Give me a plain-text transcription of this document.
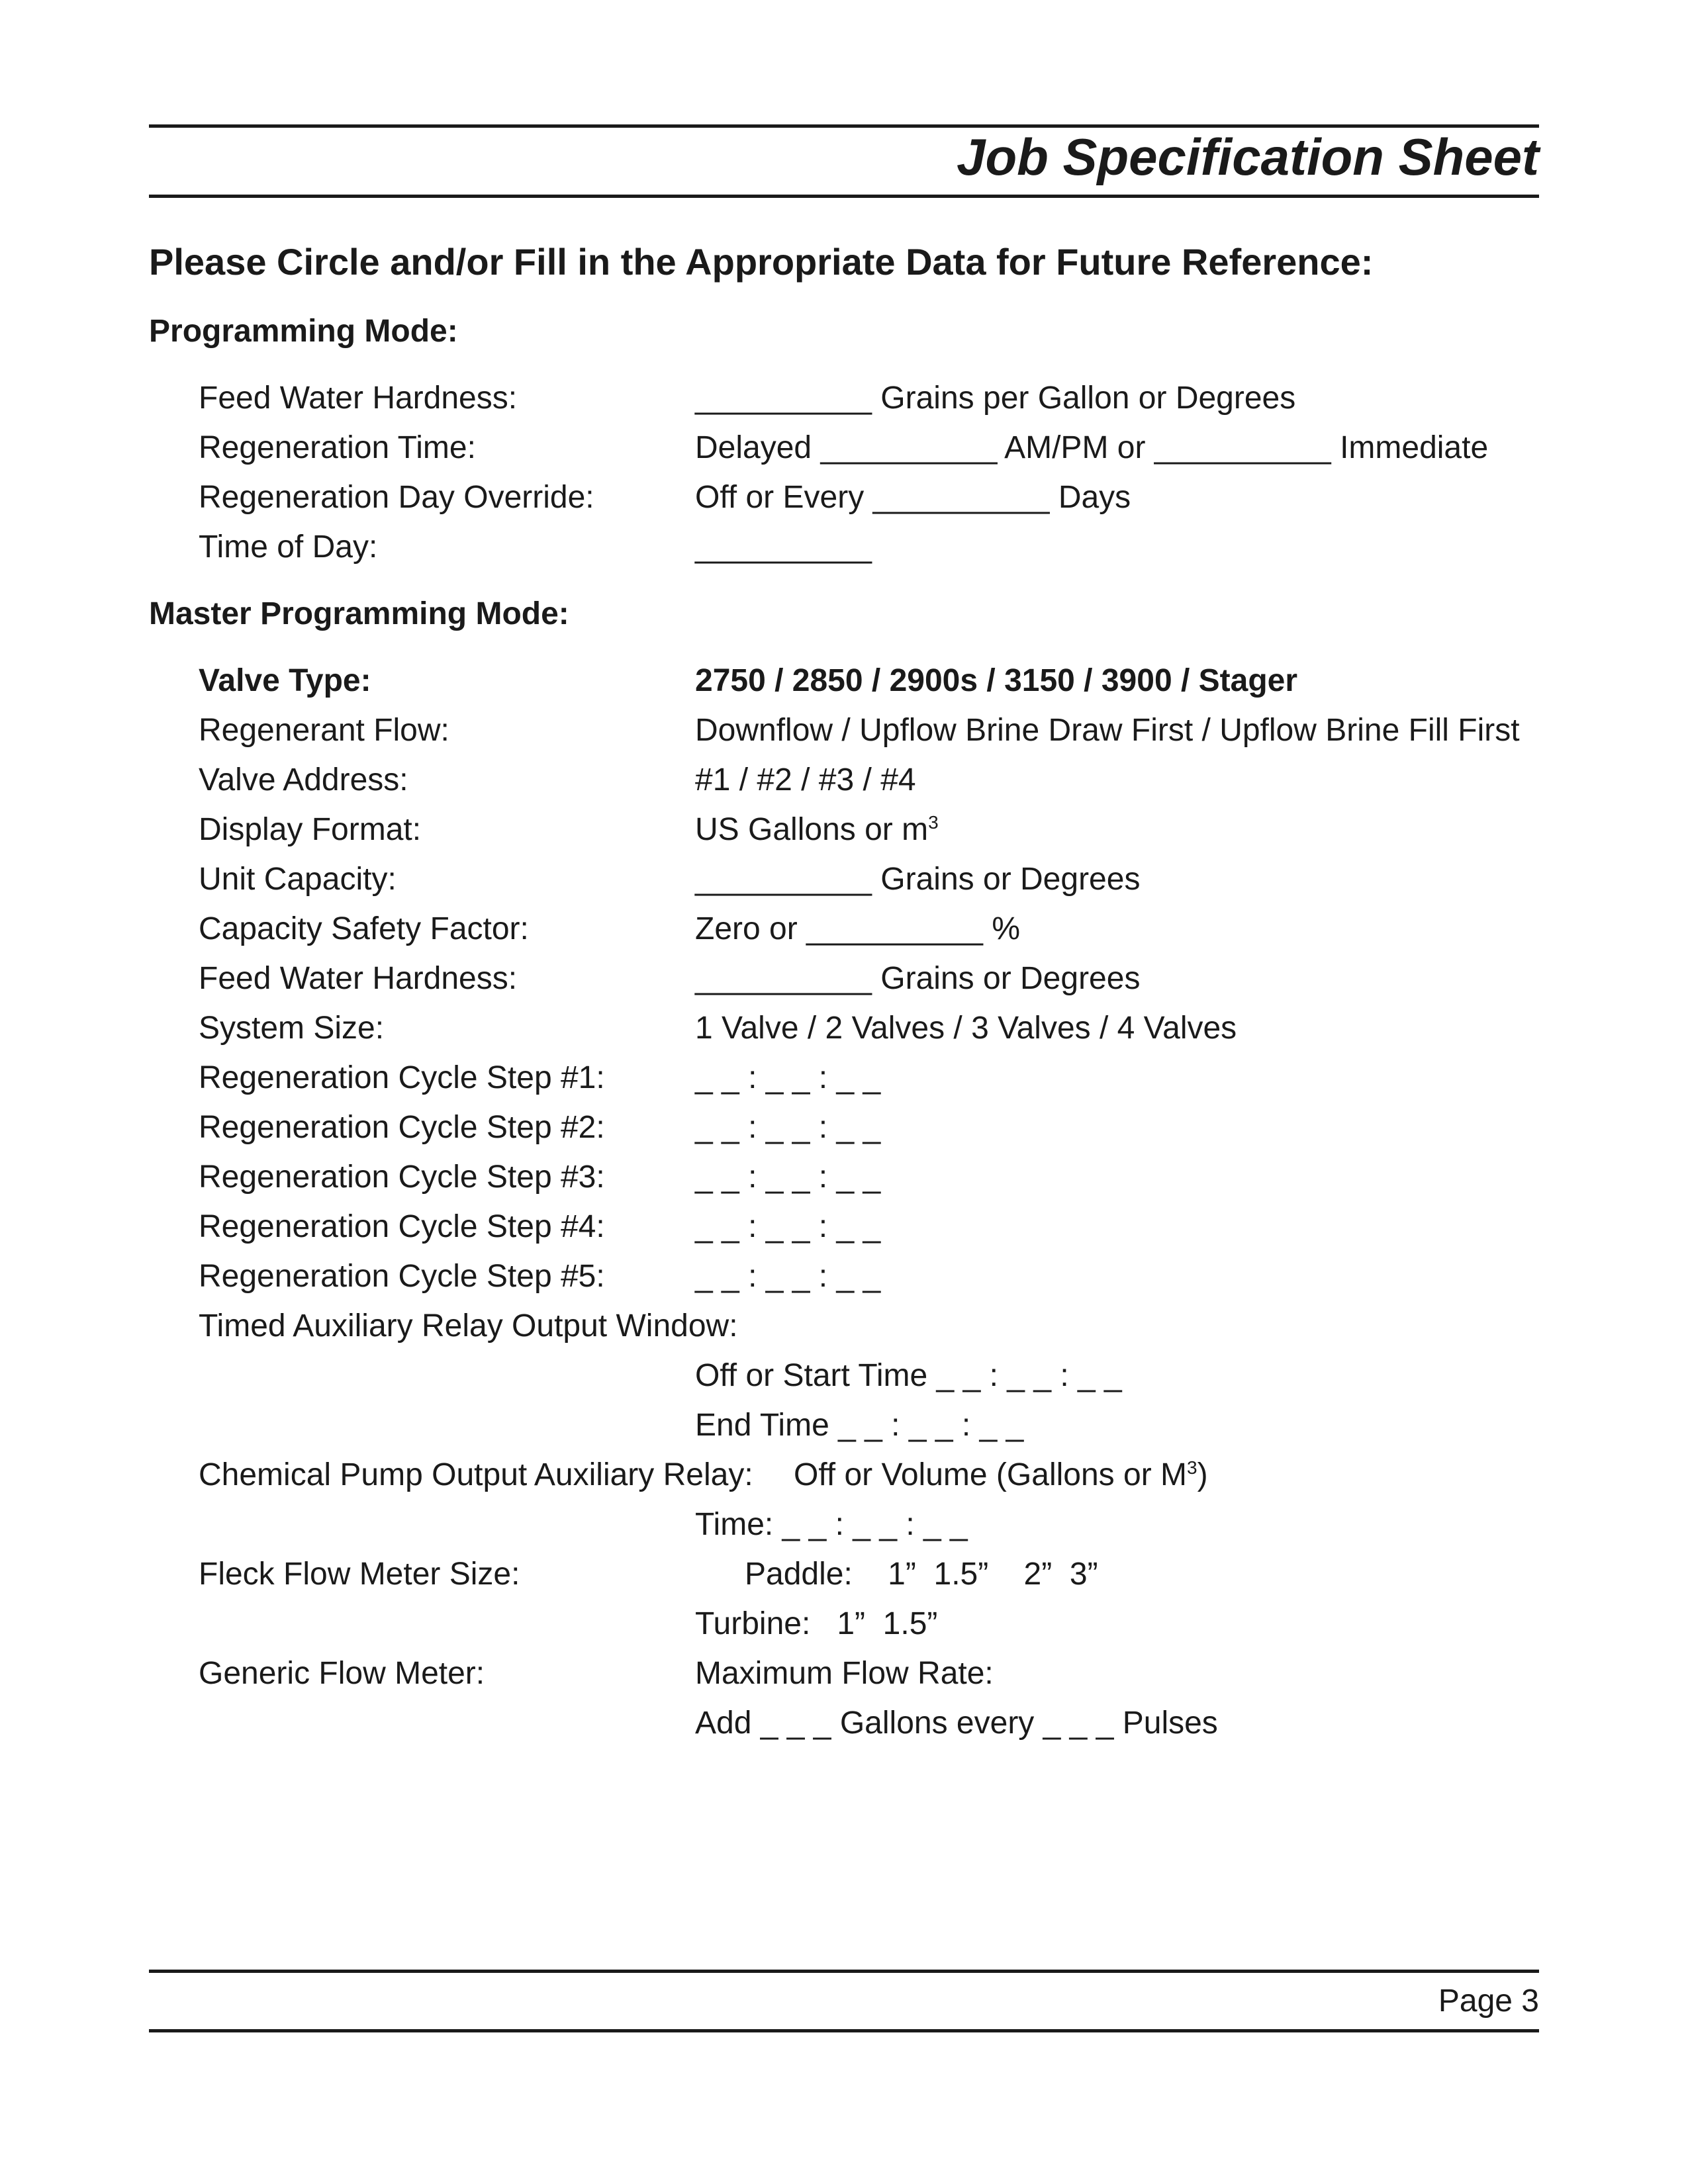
Job Specification Sheet
Please Circle and/or Fill in the Appropriate Data for Future Reference:
Programming Mode:
Feed Water Hardness:	__________ Grains per Gallon or Degrees
Regeneration Time:	Delayed __________ AM/PM or __________ Immediate
Regeneration Day Override:	Off or Every __________ Days
Time of Day:	__________
Master Programming Mode:
Valve Type:	2750 / 2850 / 2900s / 3150 / 3900 / Stager
Regenerant Flow:	Downflow / Upflow Brine Draw First / Upflow Brine Fill First
Valve Address:	#1 / #2 / #3 / #4
Display Format:	US Gallons or $m^3$
Unit Capacity:	__________ Grains or Degrees
Capacity Safety Factor:	Zero or __________ %
Feed Water Hardness:	__________ Grains or Degrees
System Size:	1 Valve / 2 Valves / 3 Valves / 4 Valves
Regeneration Cycle Step #1:	_ _ : _ _ : _ _
Regeneration Cycle Step #2:	_ _ : _ _ : _ _
Regeneration Cycle Step #3:	_ _ : _ _ : _ _
Regeneration Cycle Step #4:	_ _ : _ _ : _ _
Regeneration Cycle Step #5:	_ _ : _ _ : _ _
Timed Auxiliary Relay Output Window:
Off or Start Time _ _ : _ _ : _ _
End Time _ _ : _ _ : _ _
Chemical Pump Output Auxiliary Relay: Off or Volume (Gallons or $M^3$)
Time: _ _ : _ _ : _ _
Fleck Flow Meter Size:	Paddle:    1”  1.5”    2”  3”
Turbine:   1”  1.5”
Generic Flow Meter:	Maximum Flow Rate:
Add _ _ _ Gallons every _ _ _ Pulses
Page 3
